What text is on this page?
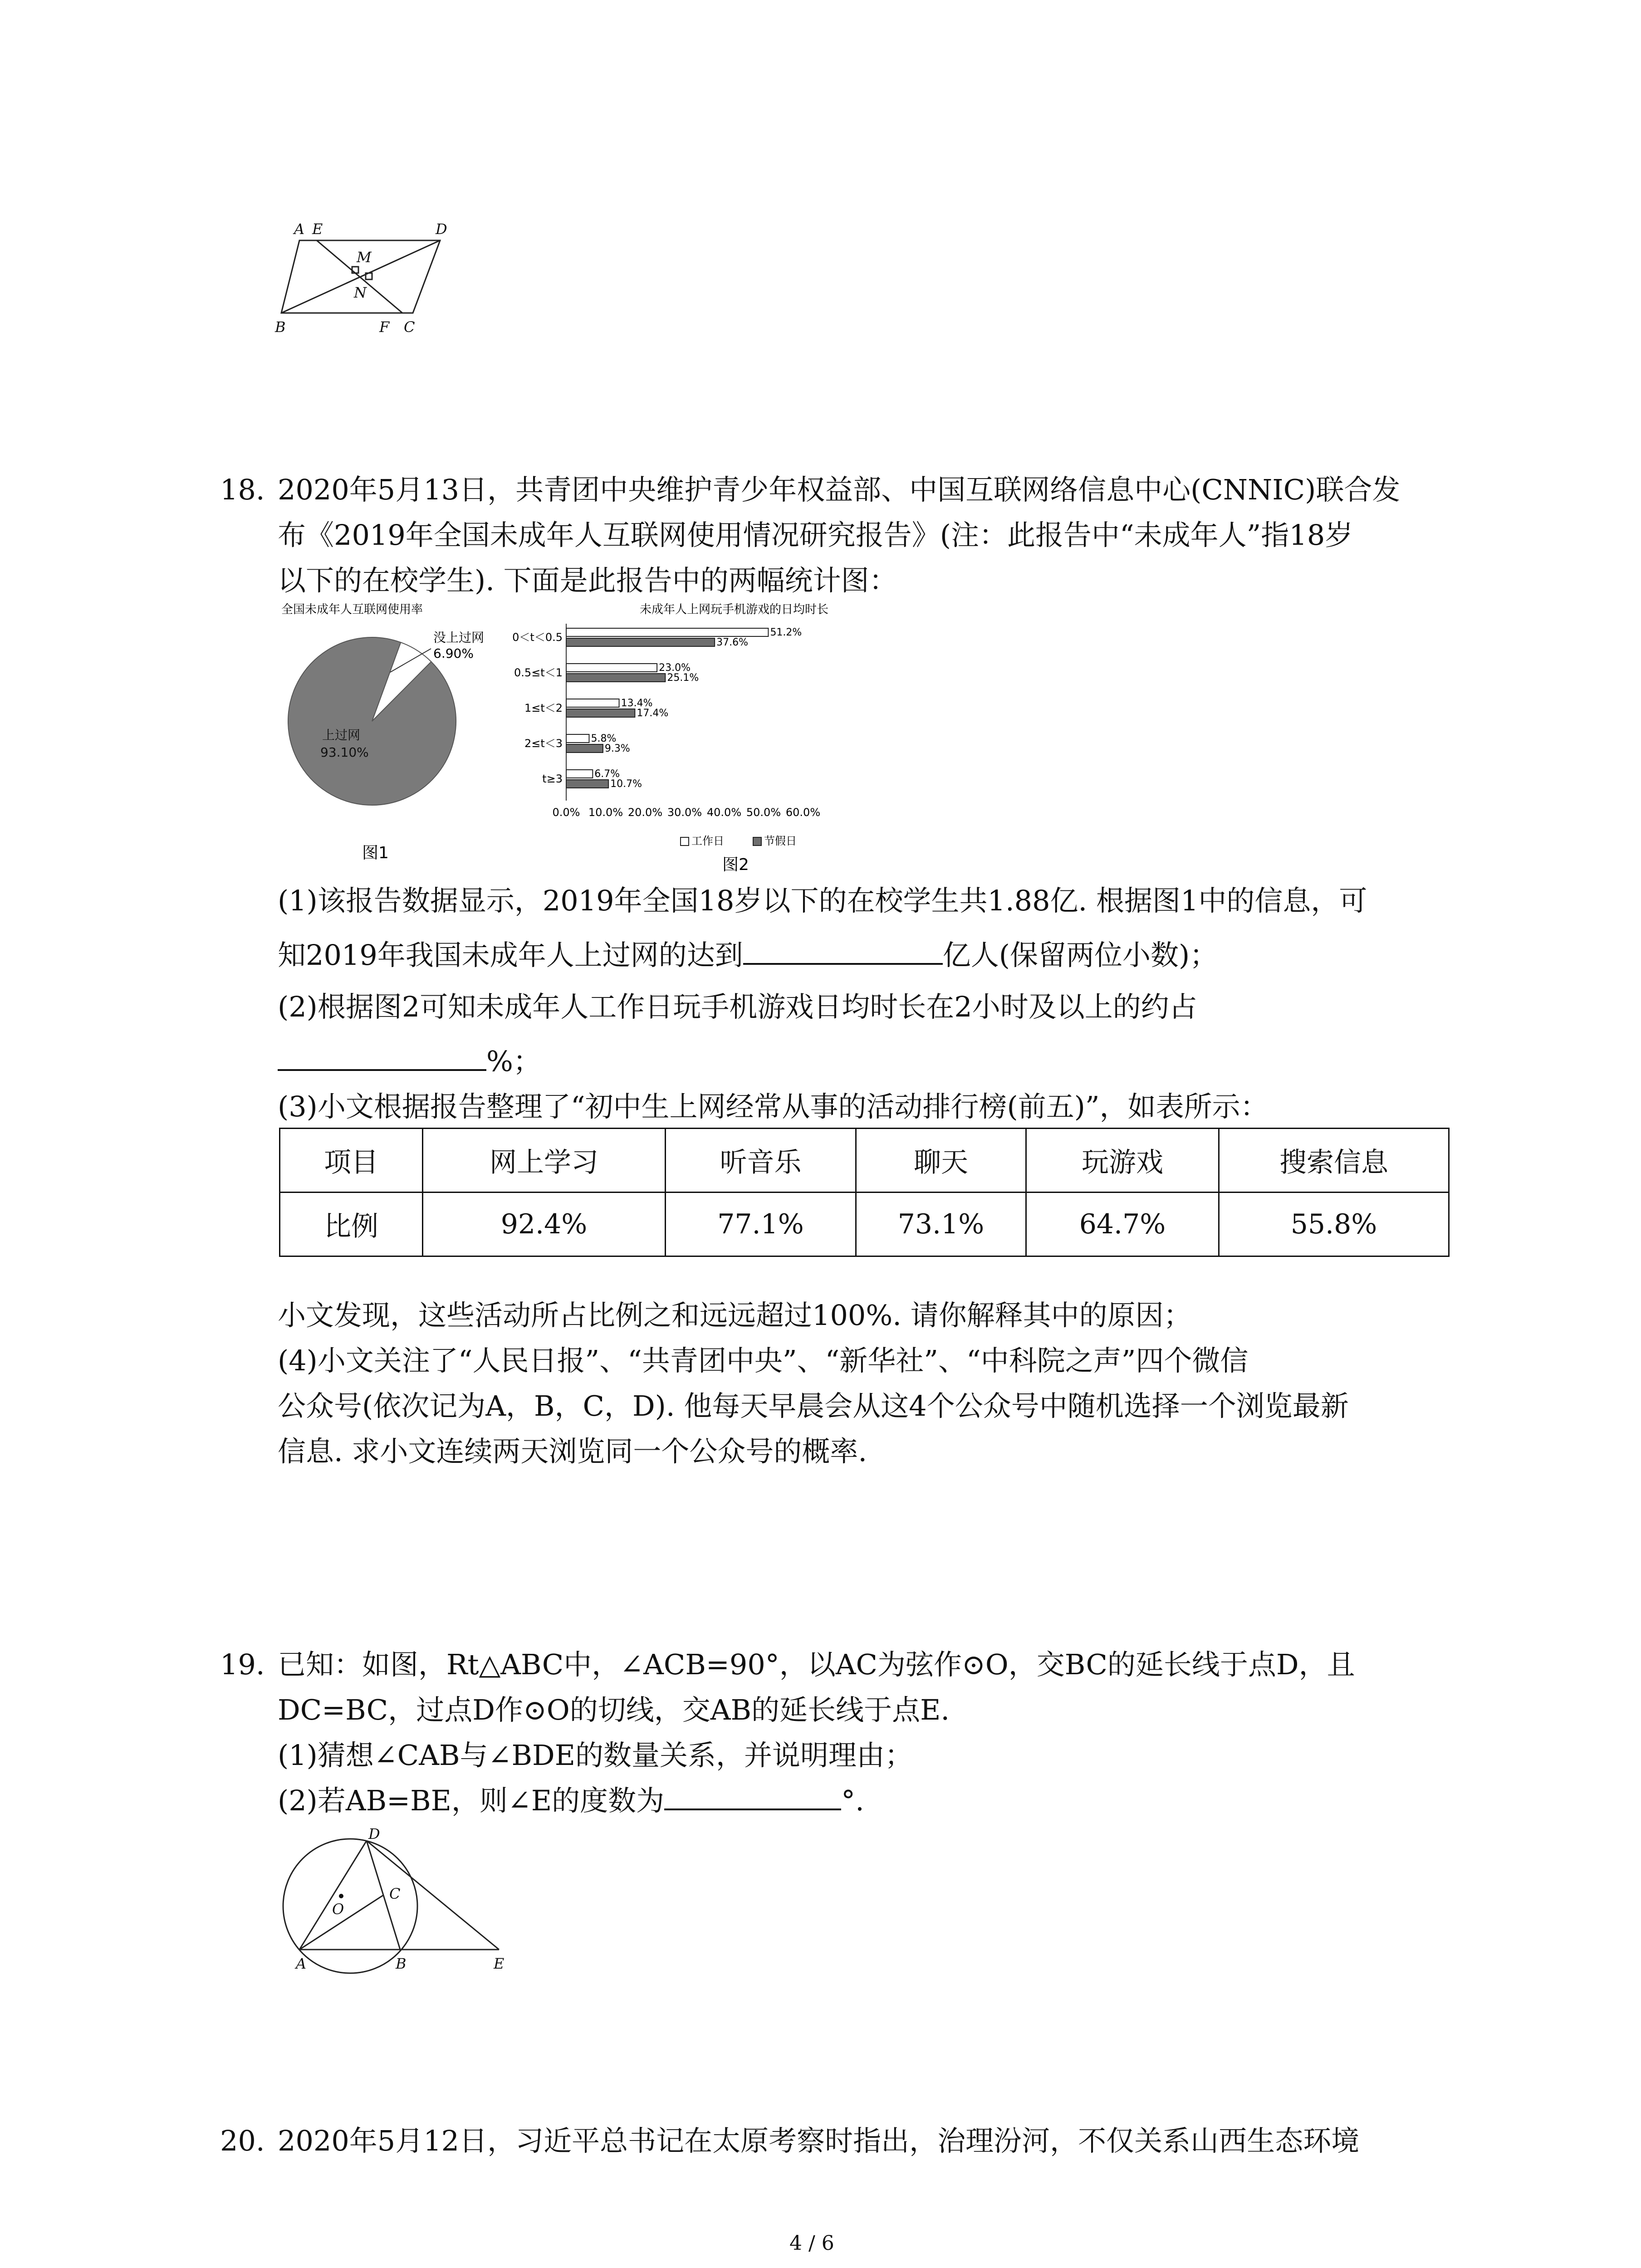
A E	D
M
N
B	F C
18. 2020年5月13日，共青团中央维护青少年权益部、中国互联网络信息中心(CNNIC)联合发
布《2019年全国未成年人互联网使用情况研究报告》(注：此报告中“未成年人”指18岁
以下的在校学生). 下面是此报告中的两幅统计图：
全国未成年人互联网使用率
没上过网
6.90%
上过网
93.10%
图1
未成年人上网玩手机游戏的日均时长
0＜t＜0.5	51.2%
37.6%
0.5≤t＜1	23.0%
25.1%
1≤t＜2	13.4%
17.4%
2≤t＜3	5.8%
9.3%
t≥3	6.7%
10.7%
0.0% 10.0% 20.0% 30.0% 40.0% 50.0% 60.0%
工作日	节假日
图2
(1)该报告数据显示，2019年全国18岁以下的在校学生共1.88亿. 根据图1中的信息，可
知2019年我国未成年人上过网的达到	亿人(保留两位小数)；
(2)根据图2可知未成年人工作日玩手机游戏日均时长在2小时及以上的约占
%；
(3)小文根据报告整理了“初中生上网经常从事的活动排行榜(前五)”，如表所示：
项目	网上学习	听音乐	聊天	玩游戏	搜索信息
比例	92.4%	77.1%	73.1%	64.7%	55.8%
小文发现，这些活动所占比例之和远远超过100%. 请你解释其中的原因；
(4)小文关注了“人民日报”、“共青团中央”、“新华社”、“中科院之声”四个微信
公众号(依次记为A，B，C，D). 他每天早晨会从这4个公众号中随机选择一个浏览最新
信息. 求小文连续两天浏览同一个公众号的概率.
19. 已知：如图，Rt△ABC中，∠ACB=90°，以AC为弦作⊙O，交BC的延长线于点D，且
DC=BC，过点D作⊙O的切线，交AB的延长线于点E.
(1)猜想∠CAB与∠BDE的数量关系，并说明理由；
(2)若AB=BE，则∠E的度数为	°.
D
O
C
A	B	E
20. 2020年5月12日，习近平总书记在太原考察时指出，治理汾河，不仅关系山西生态环境
4 / 6
